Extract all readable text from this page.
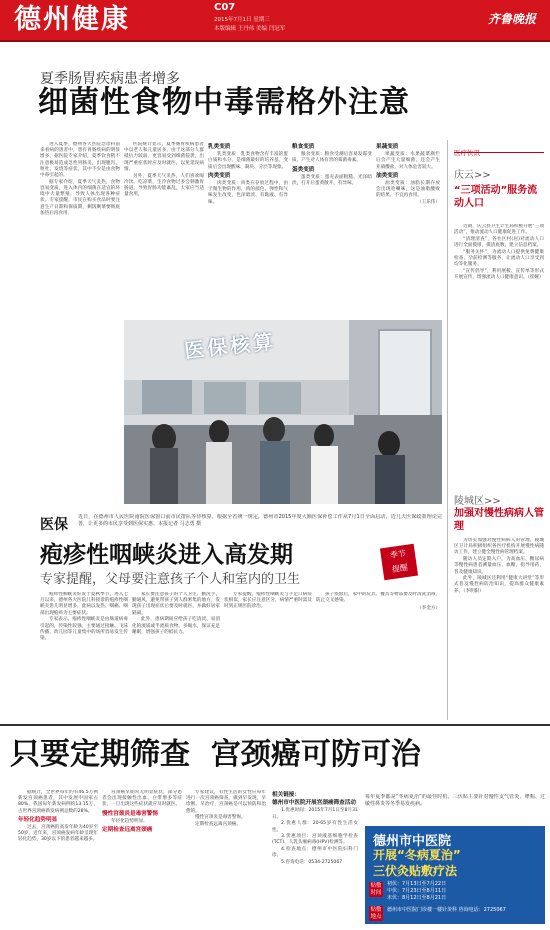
德州健康	C07
2015年7月1日 星期三
本版编辑 王丹伟 美编 闫冠军
齐鲁晚报
夏季肠胃疾病患者增多
细菌性食物中毒需格外注意

进入夏季，德州各大医院急诊科前来看病的患者中，患有胃肠疾病的明显增多，据医院专家介绍，夏季饮食稍不注意极易造成急性胃肠炎，出现腹泻、呕吐、发烧等症状，其中不少是由食物中毒引起的。

据专家介绍，夏季天气炎热，食物容易变质，进入体内的细菌在适宜的环境中大量繁殖，导致人体出现各种症状。专家提醒，市民在购买食品时要注意生产日期和保质期，剩饭剩菜要彻底加热后再食用。

医院统计显示，夏季肠胃疾病患者中以老人和儿童居多，由于这部分人群抵抗力较弱，更容易受到细菌侵袭，出现严重症状时应及时就医，以免延误病情。

另外，夏季天气炎热，人们喜欢喝冷饮、吃凉菜，生冷食物过多会刺激胃肠道，导致胃肠功能紊乱，大家应当适量食用。

乳类变质

乳类变质：乳类食物含有丰富的蛋白质和水分，是细菌最好的培养基，变质后会出现酸味、凝块、分层等现象。

肉类变质

肉类变质：肉类在存放过程中，由于微生物的作用，肉的颜色、弹性和气味发生改变，色泽暗淡、有黏液、有异味。

粮食变质

粮食变质：粮食受潮后容易发霉变质，产生对人体有害的霉菌毒素。

蛋类变质

蛋类变质：蛋壳表面粗糙、光泽暗淡，打开后蛋黄散开，有异味。

果蔬变质

果蔬变质：水果蔬菜腐烂后会产生大量细菌，还会产生亚硝酸盐，对人体危害较大。

油类变质

油类变质：油脂长期存放会出现哈喇味，这是油脂酸败的结果，不宜再食用。

（王乐伟）
医保核算
医保 近日，在德州市人民医院南院医保窗口前市民排队等待核算。根据全省统一规定，德州市2015年度大额医保补偿工作从7月1日全面启动，近几天医保政策理论完善，让更多的市民享受到医保实惠。本报记者 马志勇 摄
医疗快讯
庆云>>
“三项活动”服务流动人口

近期，庆云县卫生计生局积极开展“三项活动”，推动流动人口健康促进工作。

“清理清查”，各社区村(居)对流动人口进行全面摸排，摸清底数，建立信息档案。

“服务关怀”，为流动人口提供免费健康检查、孕前检测等服务，让流动人口享受到均等化服务。

“宣传倡导”，利用展板、宣传单等形式开展宣传，增强流动人口健康意识。（崔婉）

陵城区>>
加强对慢性病病人管理

为切实加强对慢性病病人的管理，陵城区卫计局积极组织各医疗机构开展慢性病随访工作，建立健全慢性病管理档案。

随访人员定期入户，为高血压、糖尿病等慢性病患者测量血压、血糖，指导用药，普及健康知识。

此外，陵城区还利用“健康大讲堂”等形式普及慢性病防治知识，提高群众健康素养。（李明阳）

疱疹性咽峡炎进入高发期
专家提醒，父母要注意孩子个人和室内的卫生
季节
提醒

疱疹性咽峡炎好发于夏秋季节，进入七月以来，德州各大医院儿科接诊的疱疹性咽峡炎患儿明显增多，此病以发热、咽痛、咽部出现疱疹为主要症状。

专家表示，疱疹性咽峡炎是由肠道病毒引起的，传染性较强，主要通过接触、飞沫传播，幼儿园等儿童集中的场所容易发生传染。

家长要注意孩子的个人卫生，勤洗手、勤通风，避免带孩子到人群密集的地方，发现孩子出现症状后要及时就医，并做好居家隔离。

此外，患病期间应给孩子吃清淡、易消化的流质或半流质食物，多喝水，保证充足睡眠，增强孩子的抵抗力。

专家提醒，疱疹性咽峡炎与手足口病症状相似，家长应注意区分，病情严重时需及时到正规医院诊治。

孩子痊愈后，家中的玩具、餐具等物品要及时清洗消毒，防止交叉感染。

（李金方）
只要定期筛查  宫颈癌可防可治

据统计，全世界每年约有46.5万例新发宫颈癌患者，其中发展中国家占80%，我国每年新发病例约13.15万，占世界宫颈癌新发病例总数的28%。

年轻化趋势明显

过去，宫颈癌的高发年龄为40岁至50岁，近年来，宫颈癌发病年龄呈现年轻化趋势，30岁以下的患者越来越多。

宫颈癌早期常无明显症状，部分患者会出现接触性出血、白带增多等症状，一旦出现这些症状就应及时就医。

慢性宫颈炎是毒害警惕

年轻化趋势明显。

定期检查远离宫颈癌

专家建议，有性生活的女性应每年进行一次宫颈癌筛查，做到早发现、早诊断、早治疗，宫颈癌是可以预防和治愈的。

慢性宫颈炎是毒害警惕。

定期检查远离宫颈癌。

相关链接：
德州市中医院开展宫颈癌筛查活动

1.优惠时间：2015年7月1日至8月31日。

2.优惠人群：20-65岁有性生活女性。

3.优惠项目：宫颈液基细胞学检查(TCT)、人乳头瘤病毒(HPV)检测等。

4.检查地点：德州市中医院妇科门诊。

5.咨询电话：0534-2725067

每年夏季都是“冬病夏治”的最佳时机，三伏贴主要针对慢性支气管炎、哮喘、过敏性鼻炎等冬季易发疾病。
德州市中医院
开展“冬病夏治”
三伏灸贴敷疗法
贴敷时间
初伏：7月13日至7月22日
中伏：7月23日至8月11日
末伏：8月12日至8月21日
贴敷地点
德州市中医院门诊楼一楼针灸科 咨询电话：2725067
